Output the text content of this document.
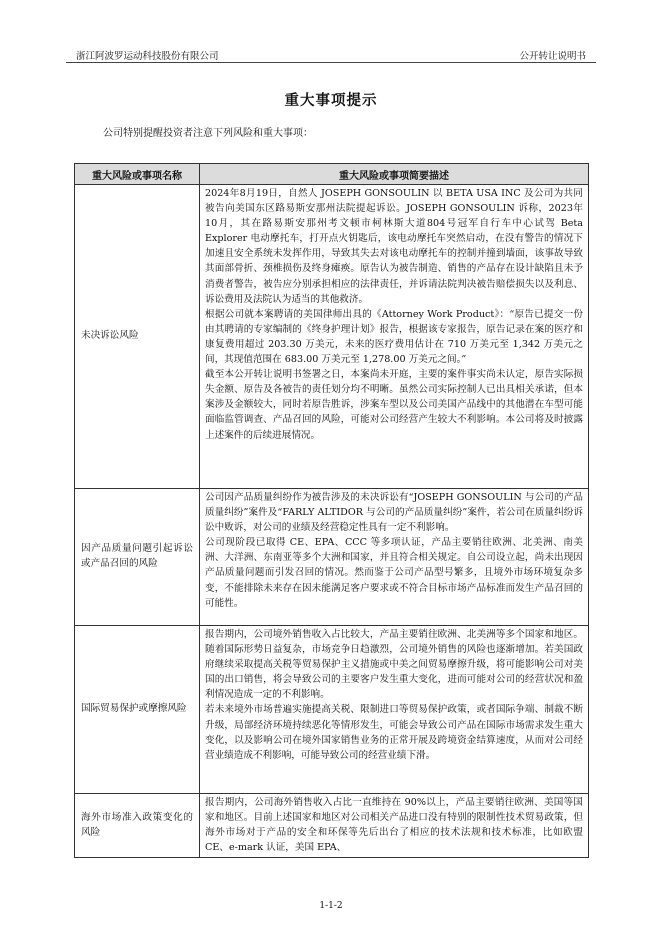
浙江阿波罗运动科技股份有限公司	公开转让说明书
重大事项提示
公司特别提醒投资者注意下列风险和重大事项：
重大风险或事项名称	重大风险或事项简要描述
未决诉讼风险	2024年8月19日，自然人 JOSEPH GONSOULIN 以 BETA USA INC 及公司为共同被告向美国东区路易斯安那州法院提起诉讼。JOSEPH GONSOULIN 诉称，2023年10月，其在路易斯安那州考文顿市柯林斯大道804号冠军自行车中心试驾 Beta Explorer 电动摩托车，打开点火钥匙后，该电动摩托车突然启动，在没有警告的情况下加速且安全系统未发挥作用，导致其失去对该电动摩托车的控制并撞到墙面，该事故导致其面部骨折、颈椎损伤及终身瘫痪。原告认为被告制造、销售的产品存在设计缺陷且未予消费者警告，被告应分别承担相应的法律责任，并诉请法院判决被告赔偿损失以及利息、诉讼费用及法院认为适当的其他救济。

根据公司就本案聘请的美国律师出具的《Attorney Work Product》：“原告已提交一份由其聘请的专家编制的《终身护理计划》报告，根据该专家报告，原告记录在案的医疗和康复费用超过 203.30 万美元，未来的医疗费用估计在 710 万美元至 1,342 万美元之间，其现值范围在 683.00 万美元至 1,278.00 万美元之间。”

截至本公开转让说明书签署之日，本案尚未开庭，主要的案件事实尚未认定，原告实际损失金额、原告及各被告的责任划分均不明晰。虽然公司实际控制人已出具相关承诺，但本案涉及金额较大，同时若原告胜诉，涉案车型以及公司美国产品线中的其他潜在车型可能面临监管调查、产品召回的风险，可能对公司经营产生较大不利影响。本公司将及时披露上述案件的后续进展情况。

因产品质量问题引起诉讼或产品召回的风险	公司因产品质量纠纷作为被告涉及的未决诉讼有“JOSEPH GONSOULIN 与公司的产品质量纠纷”案件及“FARLY ALTIDOR 与公司的产品质量纠纷”案件，若公司在质量纠纷诉讼中败诉，对公司的业绩及经营稳定性具有一定不利影响。

公司现阶段已取得 CE、EPA、CCC 等多项认证，产品主要销往欧洲、北美洲、南美洲、大洋洲、东南亚等多个大洲和国家，并且符合相关规定。自公司设立起，尚未出现因产品质量问题而引发召回的情况。然而鉴于公司产品型号繁多，且境外市场环境复杂多变，不能排除未来存在因未能满足客户要求或不符合目标市场产品标准而发生产品召回的可能性。

国际贸易保护或摩擦风险	报告期内，公司境外销售收入占比较大，产品主要销往欧洲、北美洲等多个国家和地区。随着国际形势日益复杂，市场竞争日趋激烈，公司境外销售的风险也逐渐增加。若美国政府继续采取提高关税等贸易保护主义措施或中美之间贸易摩擦升级，将可能影响公司对美国的出口销售，将会导致公司的主要客户发生重大变化，进而可能对公司的经营状况和盈利情况造成一定的不利影响。

若未来境外市场普遍实施提高关税、限制进口等贸易保护政策，或者国际争端、制裁不断升级，局部经济环境持续恶化等情形发生，可能会导致公司产品在国际市场需求发生重大变化，以及影响公司在境外国家销售业务的正常开展及跨境资金结算速度，从而对公司经营业绩造成不利影响，可能导致公司的经营业绩下滑。

海外市场准入政策变化的风险	报告期内，公司海外销售收入占比一直维持在 90%以上，产品主要销往欧洲、美国等国家和地区。目前上述国家和地区对公司相关产品进口没有特别的限制性技术贸易政策，但海外市场对于产品的安全和环保等先后出台了相应的技术法规和技术标准，比如欧盟 CE、e-mark 认证，美国 EPA、

1-1-2
